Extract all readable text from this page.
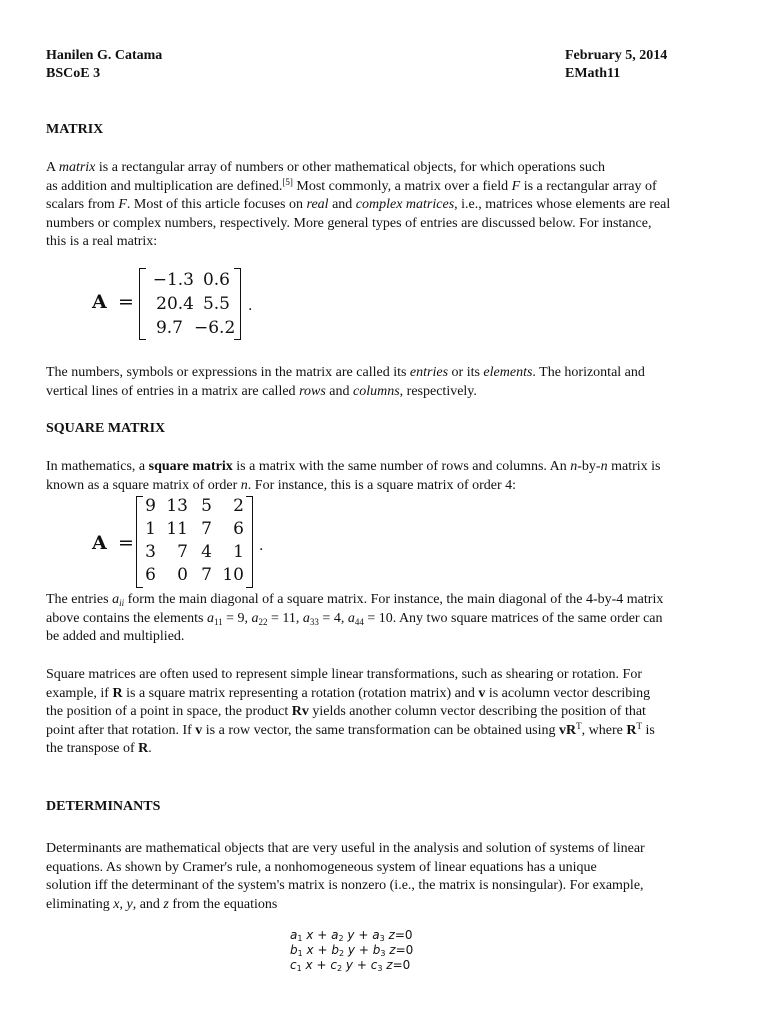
Hanilen G. Catama
BSCoE 3
February 5, 2014
EMath11
MATRIX

A matrix is a rectangular array of numbers or other mathematical objects, for which operations such
as addition and multiplication are defined.[5] Most commonly, a matrix over a field F is a rectangular array of
scalars from F. Most of this article focuses on real and complex matrices, i.e., matrices whose elements are real
numbers or complex numbers, respectively. More general types of entries are discussed below. For instance,
this is a real matrix:

A =
−1.3 0.6
20.4 5.5
9.7 −6.2
.

The numbers, symbols or expressions in the matrix are called its entries or its elements. The horizontal and
vertical lines of entries in a matrix are called rows and columns, respectively.

SQUARE MATRIX

In mathematics, a square matrix is a matrix with the same number of rows and columns. An n-by-n matrix is
known as a square matrix of order n. For instance, this is a square matrix of order 4:

A =
9 13 5	2
1 11 7	6
3	7 4	1
6	0 7 10
.

The entries $a_{ii}$ form the main diagonal of a square matrix. For instance, the main diagonal of the 4-by-4 matrix
above contains the elements $a_{11} = 9$, $a_{22} = 11$, $a_{33} = 4$, $a_{44} = 10$. Any two square matrices of the same order can
be added and multiplied.

Square matrices are often used to represent simple linear transformations, such as shearing or rotation. For
example, if R is a square matrix representing a rotation (rotation matrix) and v is acolumn vector describing
the position of a point in space, the product Rv yields another column vector describing the position of that
point after that rotation. If v is a row vector, the same transformation can be obtained using $vR^T$, where $R^T$ is
the transpose of R.

DETERMINANTS

Determinants are mathematical objects that are very useful in the analysis and solution of systems of linear
equations. As shown by Cramer's rule, a nonhomogeneous system of linear equations has a unique
solution iff the determinant of the system's matrix is nonzero (i.e., the matrix is nonsingular). For example,
eliminating x, y, and z from the equations

$a_1$ $x + a_2$ $y + a_3$ z=0
$b_1$ $x + b_2$ $y + b_3$ z=0
$c_1$ $x + c_2$ $y + c_3$ z=0
